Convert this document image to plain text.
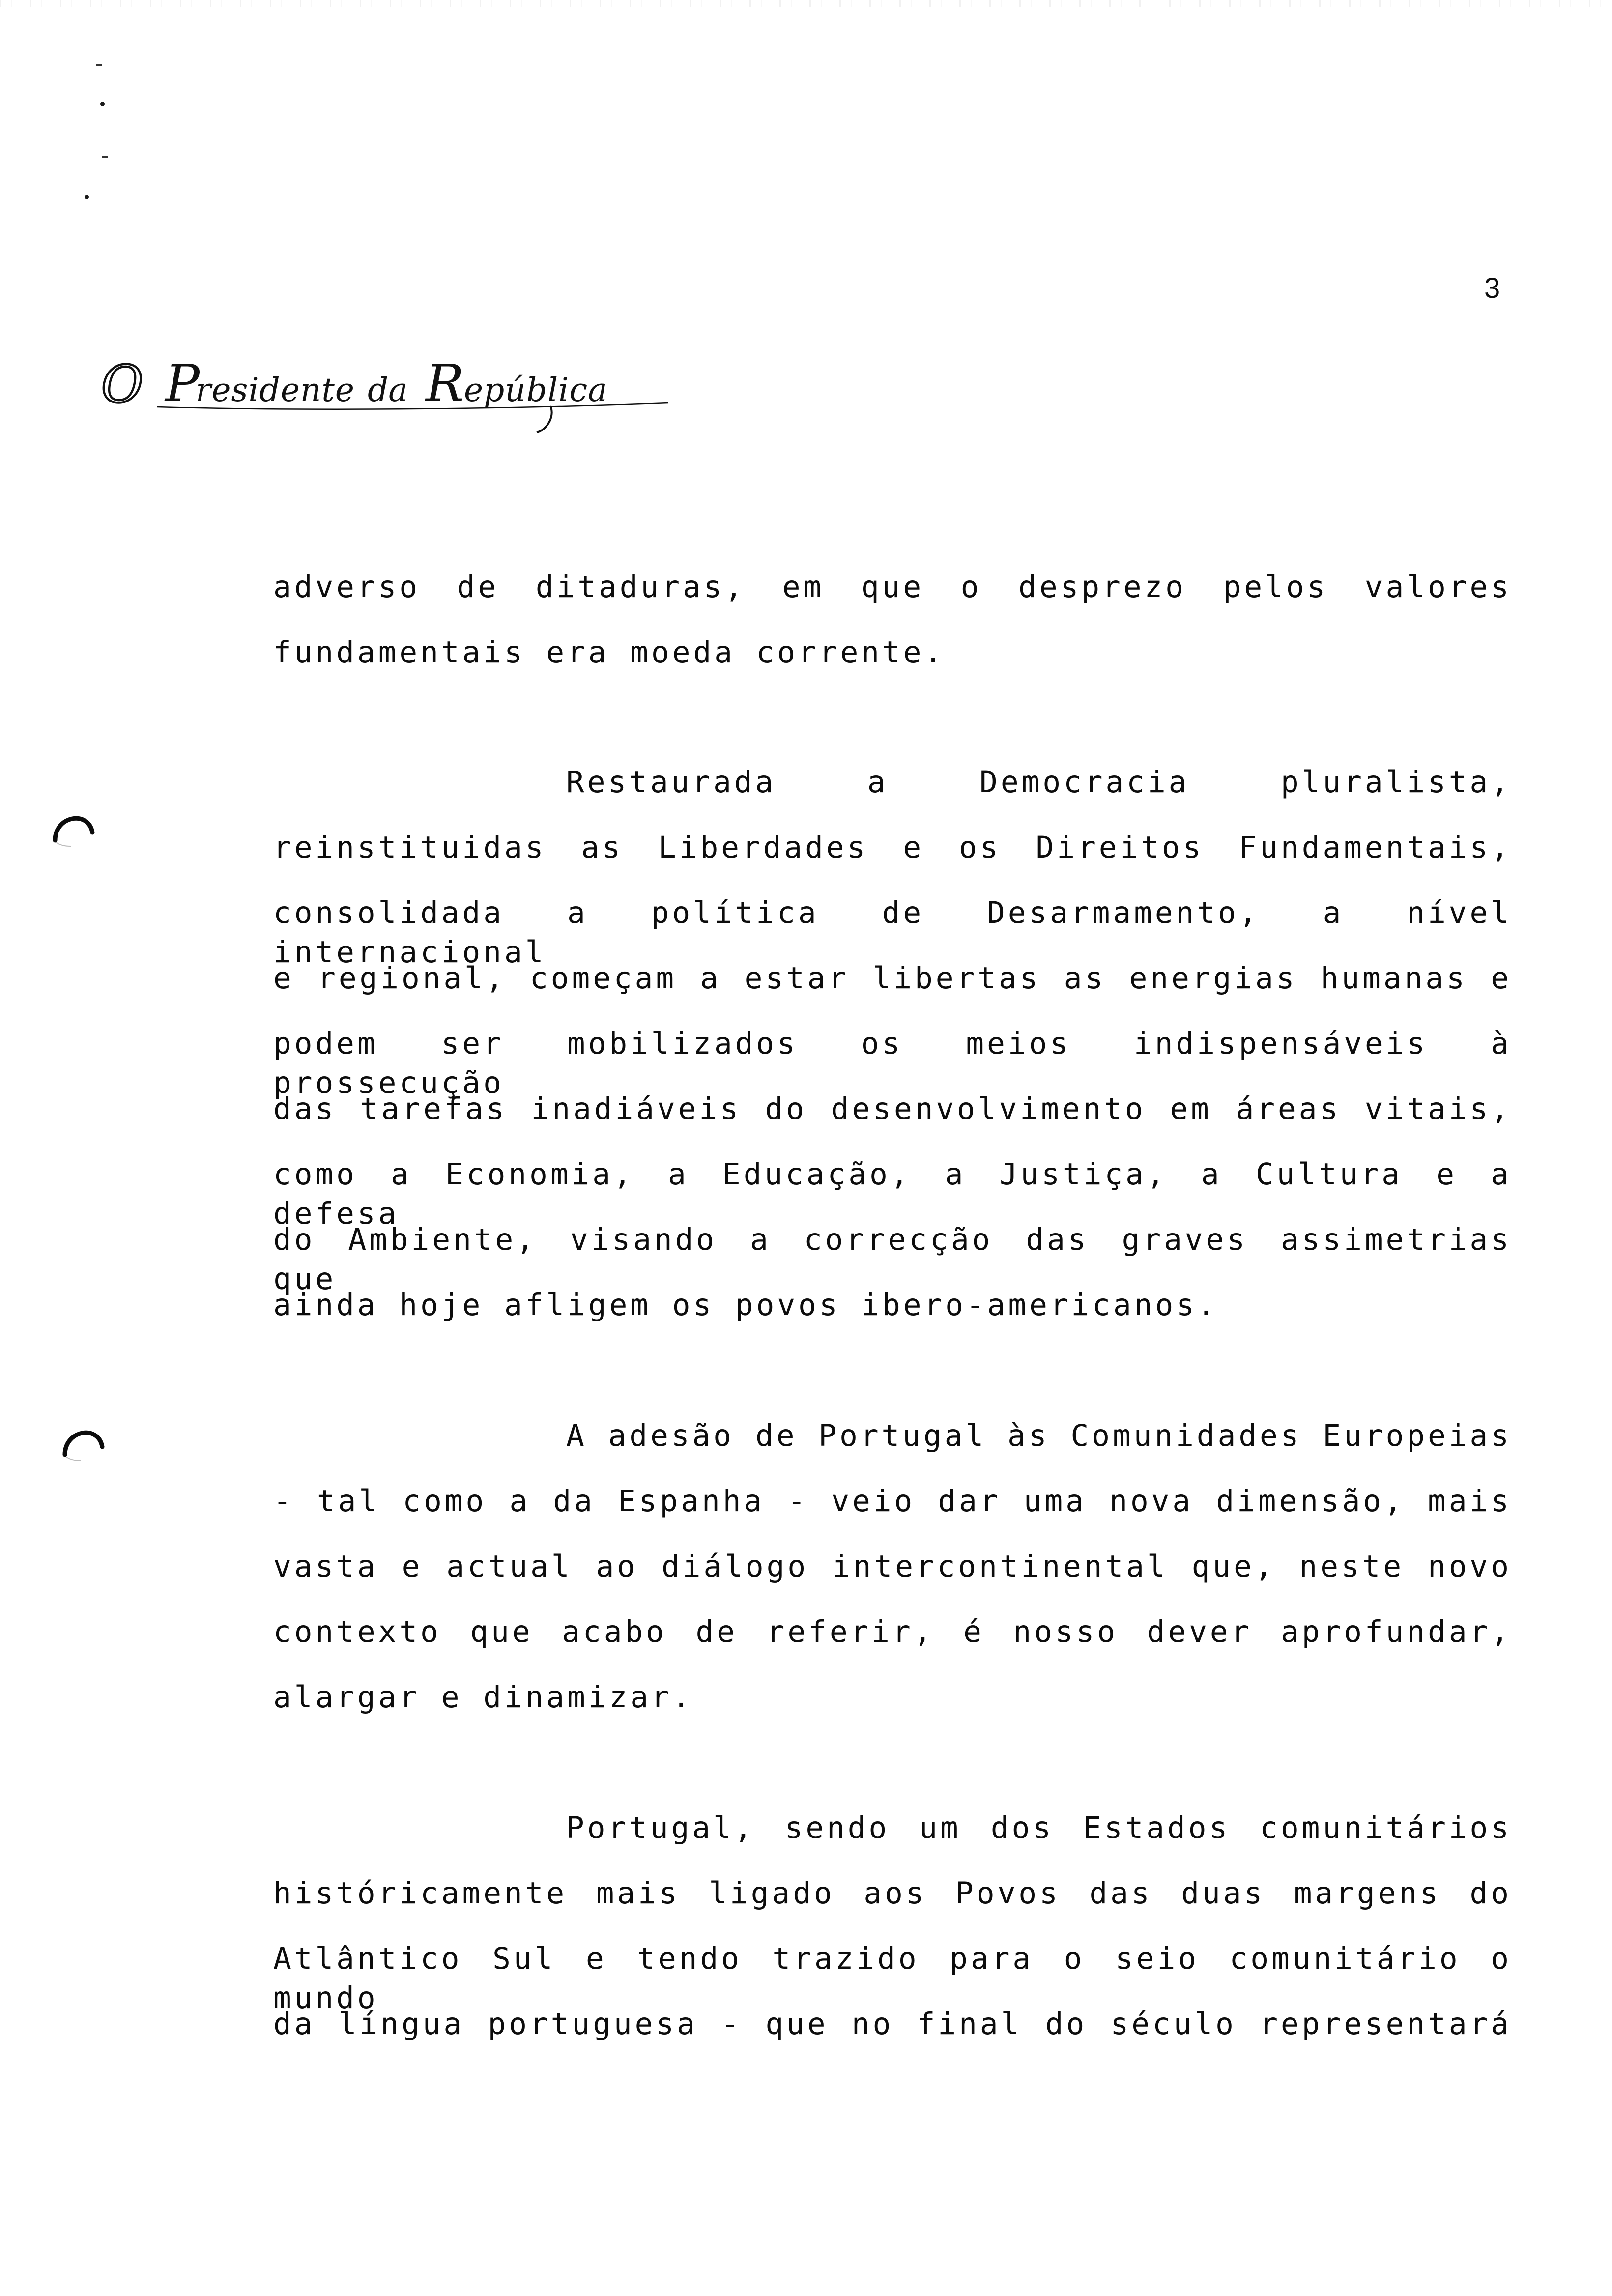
3
O P
residente da R epública
adverso de ditaduras, em que o desprezo pelos valores
fundamentais era moeda corrente.
Restaurada a Democracia pluralista,
reinstituidas as Liberdades e os Direitos Fundamentais,
consolidada a política de Desarmamento, a nível internacional
e regional, começam a estar libertas as energias humanas e
podem ser mobilizados os meios indispensáveis à prossecução
das tarefas inadiáveis do desenvolvimento em áreas vitais,
como a Economia, a Educação, a Justiça, a Cultura e a defesa
do Ambiente, visando a correcção das graves assimetrias que
ainda hoje afligem os povos ibero-americanos.
A adesão de Portugal às Comunidades Europeias
- tal como a da Espanha - veio dar uma nova dimensão, mais
vasta e actual ao diálogo intercontinental que, neste novo
contexto que acabo de referir, é nosso dever aprofundar,
alargar e dinamizar.
Portugal, sendo um dos Estados comunitários
históricamente mais ligado aos Povos das duas margens do
Atlântico Sul e tendo trazido para o seio comunitário o mundo
da língua portuguesa - que no final do século representará
